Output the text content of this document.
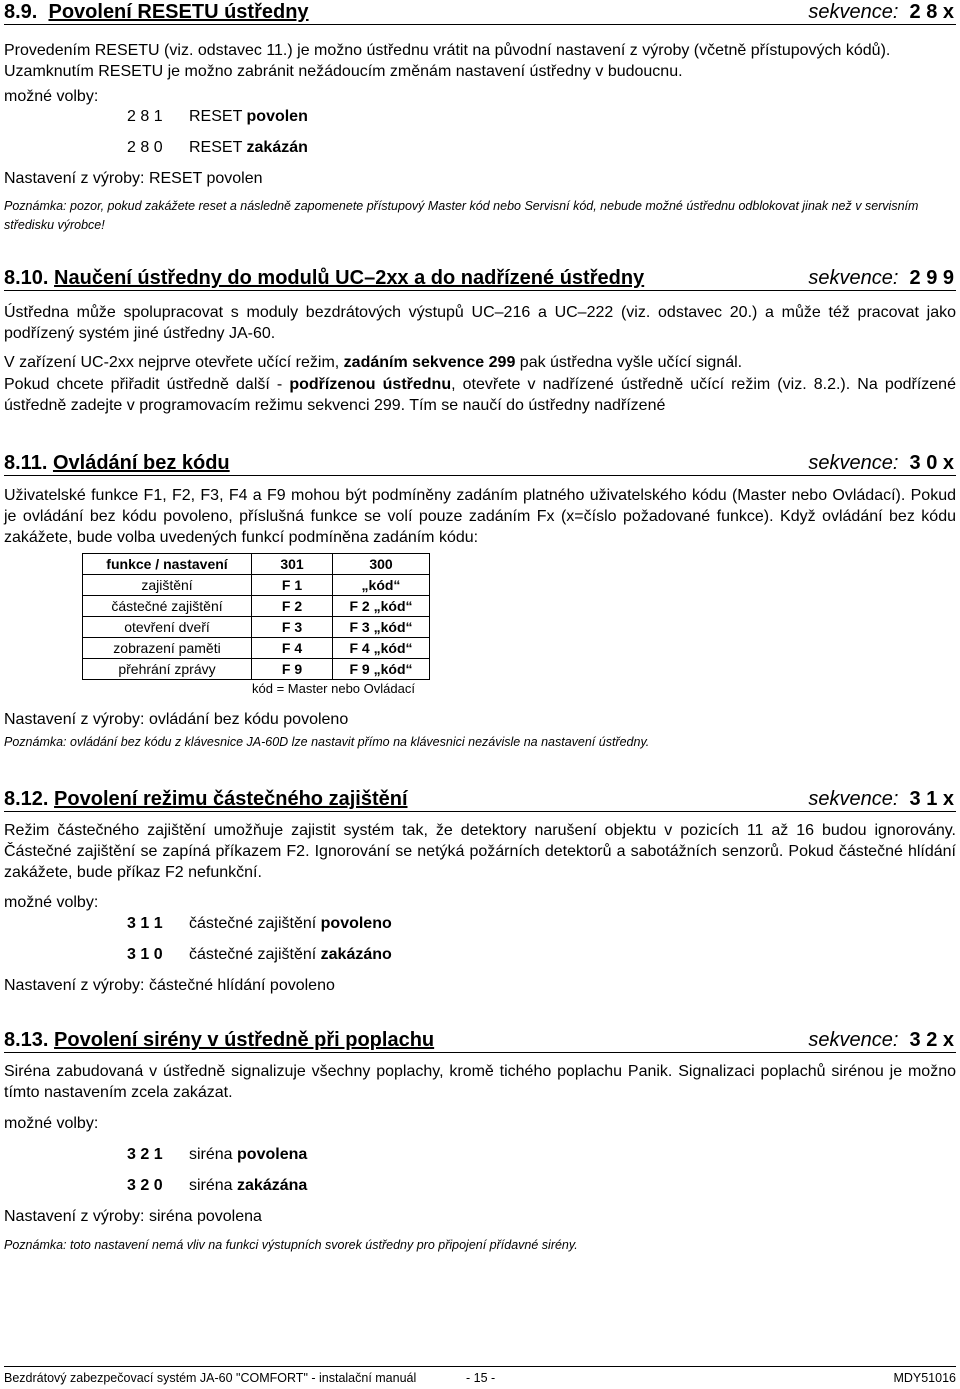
8.9. Povolení RESETU ústředny	sekvence: 2 8 x
Provedením RESETU (viz. odstavec 11.) je možno ústřednu vrátit na původní nastavení z výroby (včetně přístupových kódů). Uzamknutím RESETU je možno zabránit nežádoucím změnám nastavení ústředny v budoucnu.
možné volby:
2 8 1 RESET povolen
2 8 0 RESET zakázán
Nastavení z výroby: RESET povolen
Poznámka: pozor, pokud zakážete reset a následně zapomenete přístupový Master kód nebo Servisní kód, nebude možné ústřednu odblokovat jinak než v servisním středisku výrobce!
8.10. Naučení ústředny do modulů UC–2xx a do nadřízené ústředny	sekvence: 2 9 9
Ústředna může spolupracovat s moduly bezdrátových výstupů UC–216 a UC–222 (viz. odstavec 20.) a může též pracovat jako podřízený systém jiné ústředny JA-60.
V zařízení UC-2xx nejprve otevřete učící režim, zadáním sekvence 299 pak ústředna vyšle učící signál.
Pokud chcete přiřadit ústředně další - podřízenou ústřednu, otevřete v nadřízené ústředně učící režim (viz. 8.2.). Na podřízené ústředně zadejte v programovacím režimu sekvenci 299. Tím se naučí do ústředny nadřízené
8.11. Ovládání bez kódu	sekvence: 3 0 x
Uživatelské funkce F1, F2, F3, F4 a F9 mohou být podmíněny zadáním platného uživatelského kódu (Master nebo Ovládací). Pokud je ovládání bez kódu povoleno, příslušná funkce se volí pouze zadáním Fx (x=číslo požadované funkce). Když ovládání bez kódu zakážete, bude volba uvedených funkcí podmíněna zadáním kódu:
funkce / nastavení	301	300
zajištění	F 1	„kód“
částečné zajištění	F 2	F 2 „kód“
otevření dveří	F 3	F 3 „kód“
zobrazení paměti	F 4	F 4 „kód“
přehrání zprávy	F 9	F 9 „kód“
kód = Master nebo Ovládací
Nastavení z výroby: ovládání bez kódu povoleno
Poznámka: ovládání bez kódu z klávesnice JA-60D lze nastavit přímo na klávesnici nezávisle na nastavení ústředny.
8.12. Povolení režimu částečného zajištění	sekvence: 3 1 x
Režim částečného zajištění umožňuje zajistit systém tak, že detektory narušení objektu v pozicích 11 až 16 budou ignorovány. Částečné zajištění se zapíná příkazem F2. Ignorování se netýká požárních detektorů a sabotážních senzorů. Pokud částečné hlídání zakážete, bude příkaz F2 nefunkční.
možné volby:
3 1 1 částečné zajištění povoleno
3 1 0 částečné zajištění zakázáno
Nastavení z výroby: částečné hlídání povoleno
8.13. Povolení sirény v ústředně při poplachu	sekvence: 3 2 x
Siréna zabudovaná v ústředně signalizuje všechny poplachy, kromě tichého poplachu Panik. Signalizaci poplachů sirénou je možno tímto nastavením zcela zakázat.
možné volby:
3 2 1 siréna povolena
3 2 0 siréna zakázána
Nastavení z výroby: siréna povolena
Poznámka: toto nastavení nemá vliv na funkci výstupních svorek ústředny pro připojení přídavné sirény.
Bezdrátový zabezpečovací systém JA-60 "COMFORT" - instalační manuál	- 15 -	MDY51016
